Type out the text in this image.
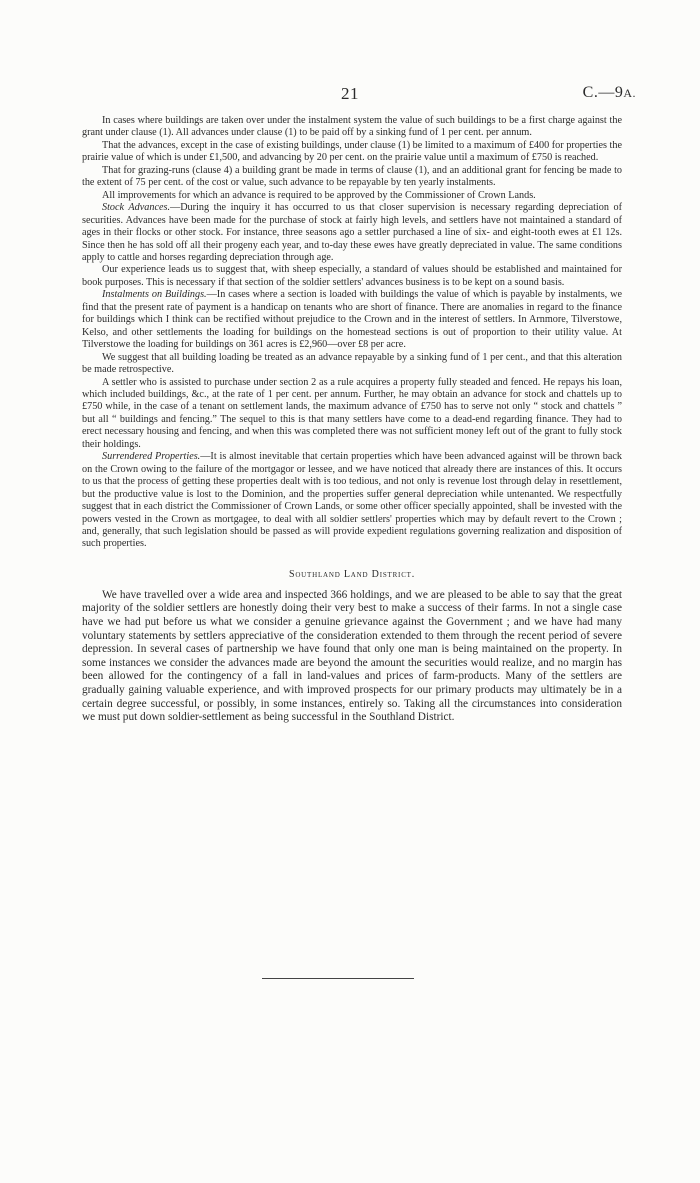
21	C.—9A.

In cases where buildings are taken over under the instalment system the value of such buildings to be a first charge against the grant under clause (1). All advances under clause (1) to be paid off by a sinking fund of 1 per cent. per annum.

That the advances, except in the case of existing buildings, under clause (1) be limited to a maximum of £400 for properties the prairie value of which is under £1,500, and advancing by 20 per cent. on the prairie value until a maximum of £750 is reached.

That for grazing-runs (clause 4) a building grant be made in terms of clause (1), and an additional grant for fencing be made to the extent of 75 per cent. of the cost or value, such advance to be repayable by ten yearly instalments.

All improvements for which an advance is required to be approved by the Commissioner of Crown Lands.

Stock Advances.—During the inquiry it has occurred to us that closer supervision is necessary regarding depreciation of securities. Advances have been made for the purchase of stock at fairly high levels, and settlers have not maintained a standard of ages in their flocks or other stock. For instance, three seasons ago a settler purchased a line of six- and eight-tooth ewes at £1 12s. Since then he has sold off all their progeny each year, and to-day these ewes have greatly depreciated in value. The same conditions apply to cattle and horses regarding depreciation through age.

Our experience leads us to suggest that, with sheep especially, a standard of values should be established and maintained for book purposes. This is necessary if that section of the soldier settlers' advances business is to be kept on a sound basis.

Instalments on Buildings.—In cases where a section is loaded with buildings the value of which is payable by instalments, we find that the present rate of payment is a handicap on tenants who are short of finance. There are anomalies in regard to the finance for buildings which I think can be rectified without prejudice to the Crown and in the interest of settlers. In Arnmore, Tilverstowe, Kelso, and other settlements the loading for buildings on the homestead sections is out of proportion to their utility value. At Tilverstowe the loading for buildings on 361 acres is £2,960—over £8 per acre.

We suggest that all building loading be treated as an advance repayable by a sinking fund of 1 per cent., and that this alteration be made retrospective.

A settler who is assisted to purchase under section 2 as a rule acquires a property fully steaded and fenced. He repays his loan, which included buildings, &c., at the rate of 1 per cent. per annum. Further, he may obtain an advance for stock and chattels up to £750 while, in the case of a tenant on settlement lands, the maximum advance of £750 has to serve not only “ stock and chattels ” but all “ buildings and fencing.” The sequel to this is that many settlers have come to a dead-end regarding finance. They had to erect necessary housing and fencing, and when this was completed there was not sufficient money left out of the grant to fully stock their holdings.

Surrendered Properties.—It is almost inevitable that certain properties which have been advanced against will be thrown back on the Crown owing to the failure of the mortgagor or lessee, and we have noticed that already there are instances of this. It occurs to us that the process of getting these properties dealt with is too tedious, and not only is revenue lost through delay in resettlement, but the productive value is lost to the Dominion, and the properties suffer general depreciation while untenanted. We respectfully suggest that in each district the Commissioner of Crown Lands, or some other officer specially appointed, shall be invested with the powers vested in the Crown as mortgagee, to deal with all soldier settlers' properties which may by default revert to the Crown ; and, generally, that such legislation should be passed as will provide expedient regulations governing realization and disposition of such properties.

Southland Land District.

We have travelled over a wide area and inspected 366 holdings, and we are pleased to be able to say that the great majority of the soldier settlers are honestly doing their very best to make a success of their farms. In not a single case have we had put before us what we consider a genuine grievance against the Government ; and we have had many voluntary statements by settlers appreciative of the consideration extended to them through the recent period of severe depression. In several cases of partnership we have found that only one man is being maintained on the property. In some instances we consider the advances made are beyond the amount the securities would realize, and no margin has been allowed for the contingency of a fall in land-values and prices of farm-products. Many of the settlers are gradually gaining valuable experience, and with improved prospects for our primary products may ultimately be in a certain degree successful, or possibly, in some instances, entirely so. Taking all the circumstances into consideration we must put down soldier-settlement as being successful in the Southland District.
